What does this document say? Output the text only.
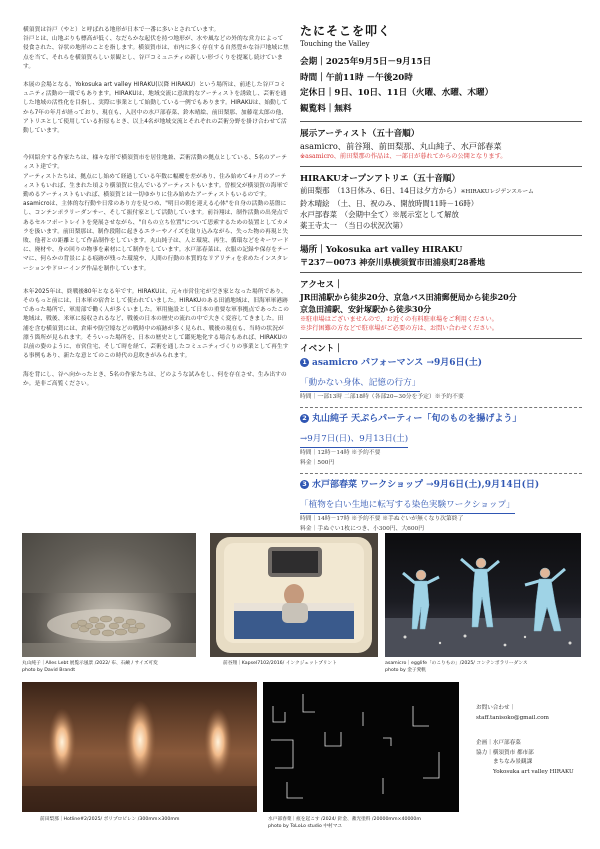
横須賀は谷戸（やと）と呼ばれる地形が日本で一番に多いとされています。

谷戸とは、山地ぶりも標高が低く、なだらかな起伏を持つ地形が、水や風などの外的な営力によって侵食された、谷状の地形のことを指します。横須賀市は、市内に多く存在する自然豊かな谷戸地域に焦点を当て、それらを横須賀らしい景観とし、谷戸コミュニティの新しい形づくりを提案し続けています。

本展の会場となる、Yokosuka art valley HIRAKU(以降 HIRAKU）という場所は、前述した谷戸コミュニティ活動の一環でもあります。HIRAKUは、地域交流に意欲的なアーティストを誘致し、芸術を通した地域の活性化を目指し、実際に事業として始動している一例でもあります。HIRAKUは、始動してから7年の年月が経っており、現在も、入居中の水戸部春菜、鈴木晴絵、前田梨那、加藤竜太郎の他、アトリエとして使用している折原もとき、以上4名が地域交流とそれぞれの芸術分野を掛け合わせて活動しています。

今回紹介する作家たちは、様々な形で横須賀市を居住地兼、芸術活動の拠点としている、5名のアーティスト達です。

アーティストたちは、拠点にし始めて経過している年数に幅曖を差があり、住み始めて4ヶ月のアーティストもいれば、生まれた頃より横須賀に住んでいるアーティストもいます。曽根父が横須賀の海軍で勤めるアーティストもいれば、横須賀とは一切ゆかりに住み始めたアーティストもいるのです。

asamicroは、主体的な行動や日常のあり方を見つめ、"明日の朝を迎える心体"を自身の活動の基盤にし、コンテンポラリーダンサー、そして振付家として活動しています。前谷翔は、制作活動の出発点であるセルフポートレイトを発展させながら、"自らの立ち位置"について思索するための装置としてカメラを扱います。前田梨那は、制作段階に起きるエラーやノイズを取り込みながら、失った物の再現と失敗、他者との距離として作品制作をしています。丸山純子は、人と環境、再生、循環などをキーワードに、廃材や、身の回りの物事を素材にして制作をしています。水戸部春菜は、衣服の記録や保存をテーマに、何らかの背景による痕跡が残った環境や、人間の行動の本質的なリアリティを求めたインスタレーションやドローイング作品を制作しています。

本年2025年は、終戦後80年となる年です。HIRAKUは、元々市営住宅が空き家となった場所であり、そのもっと前には、日本軍の宿舎として使われていました。HIRAKUのある田浦地域は、旧海軍軍港跡であった場所で、軍需部で働く人が多くいました。軍用施設として日本の重要な軍事拠点であったこの地域は、戦後、米軍に接収されるなど、戦後の日本の歴史の流れの中で大きく変容してきました。田浦を含む横須賀には、倉庫や防空壕などの戦時中の痕跡が多く見られ、戦後の現在も、当時の状況が漂う箇所が見られます。そういった場所を、日本の歴史として鑑死地化する場合もあれば、HIRAKUの以前の姿のように、市営住宅、そして時を経て、芸術を通したコミュニティづくりの事業として再生する事例もあり、新たな意とてのこの時代の息吹きがみられます。

海を背にし、谷へ向かったとき、5名の作家たちは、どのような試みをし、何を存在させ、生み出すのか。是非ご高覧ください。

たにそこを叩く
Touching the Valley
会期｜2025年9月5日－9月15日
時間｜午前11時 －午後20時
定休日｜9日、10日、11日（火曜、水曜、木曜）
観覧料｜無料
展示アーティスト（五十音順）
asamicro、前谷翔、前田梨那、丸山純子、水戸部春菜
※asamicro、前田梨那の作品は、一部日が暮れてからの公開となります。
HIRAKUオープンアトリエ（五十音順）
前田梨那　 （13日休み、6日、14日は夕方から）※HIRAKUレジデンスルーム
鈴木晴絵　 （土、日、祝のみ、開放時間11時－16時）
水戸部春菜　 （会期中全て）※展示室として解放
薬王寺太一　 （当日の状況次第）
場所｜Yokosuka art valley HIRAKU
〒237－0073 神奈川県横須賀市田浦泉町28番地
アクセス｜
JR田浦駅から徒歩20分、京急バス田浦郵便局から徒歩20分
京急田浦駅、安針塚駅から徒歩30分
※駐車場はございませんので、お近くの有料駐車場をご利用ください。
※歩行困難の方などで駐車場がご必要の方は、お問い合わせください。
イベント｜
1 asamicro パフォーマンス →9月6日(土)
「動かない身体、記憶の行方」
時間｜一部13時 二部18時（各部20−30分を予定）※予約不要
2 丸山純子 天ぷらパーティー「旬のものを揚げよう」
→9月7日(日)、9月13日(土)
時間｜12時－14時 ※予約不要
料金｜500円
3 水戸部春菜 ワークショップ →9月6日(土),9月14日(日)
「植物を白い生地に転写する染色実験ワークショップ」
時間｜14時－17時 ※予約不要 ※手ぬぐいが無くなり次第終了
料金｜手ぬぐい1枚につき、小300円、大600円
丸山純子｜Alles Lebt 展覧示風景 /2022/ 布、石鹸 / サイズ可変
photo by David Brandt
前谷翔｜Kapsel7102/2016/ インクジェットプリント	asamicro｜egglife「のこりもの」/2025/ コンテンポラリーダンス
photo by 金子愛帆
前田梨那｜Hotline#2/2025/ ポリプロピレン /300mm×300mm	水戸部春菜｜痕を起こす /2024/ 針金、蓄光塗料 /20000mm×40000m
photo by ToLoLo studio 中村マユ
お問い合わせ｜
staff.tanisoko@gmail.com
企画｜水戸部春菜
協力｜横須賀市 都市部
まちなみ景観課
Yokosuka art valley HIRAKU
